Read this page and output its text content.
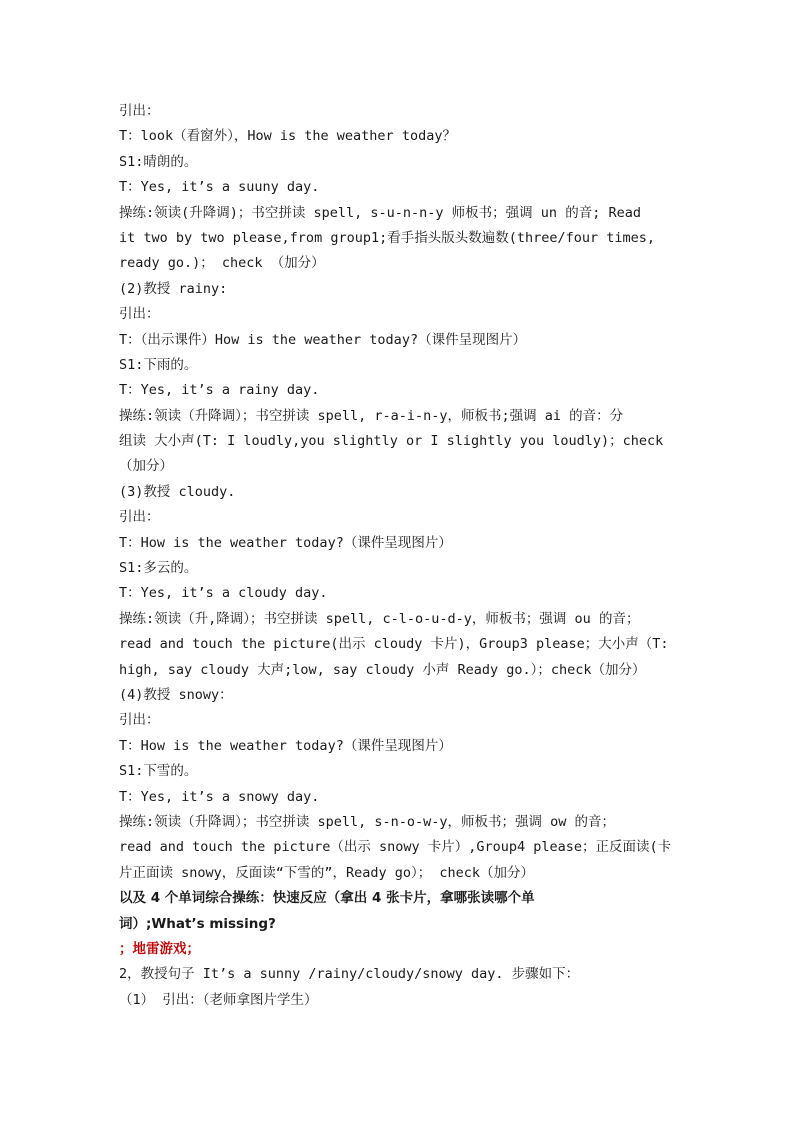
引出：
T：look（看窗外），How is the weather today？
S1:晴朗的。
T：Yes, it’s a suuny day.
操练:领读(升降调)；书空拼读 spell, s-u-n-n-y 师板书；强调 un 的音; Read
it two by two please,from group1;看手指头版头数遍数(three/four times,
ready go.)； check （加分）
(2)教授 rainy:
引出：
T：（出示课件）How is the weather today?（课件呈现图片）
S1:下雨的。
T：Yes, it’s a rainy day.
操练:领读（升降调）；书空拼读 spell, r-a-i-n-y，师板书;强调 ai 的音：分
组读 大小声(T: I loudly,you slightly or I slightly you loudly)；check
（加分）
(3)教授 cloudy.
引出：
T：How is the weather today?（课件呈现图片）
S1:多云的。
T：Yes, it’s a cloudy day.
操练:领读（升,降调）；书空拼读 spell, c-l-o-u-d-y，师板书；强调 ou 的音；
read and touch the picture(出示 cloudy 卡片)，Group3 please；大小声（T:
high, say cloudy 大声;low, say cloudy 小声 Ready go.）；check（加分）
(4)教授 snowy：
引出：
T：How is the weather today?（课件呈现图片）
S1:下雪的。
T：Yes, it’s a snowy day.
操练:领读（升降调）；书空拼读 spell, s-n-o-w-y，师板书；强调 ow 的音；
read and touch the picture（出示 snowy 卡片）,Group4 please；正反面读(卡
片正面读 snowy，反面读“下雪的”，Ready go）； check（加分）
以及 4 个单词综合操练：快速反应（拿出 4 张卡片，拿哪张读哪个单
词）;What’s missing?
；地雷游戏；
2，教授句子 It’s a sunny /rainy/cloudy/snowy day. 步骤如下：
（1） 引出：（老师拿图片学生）
